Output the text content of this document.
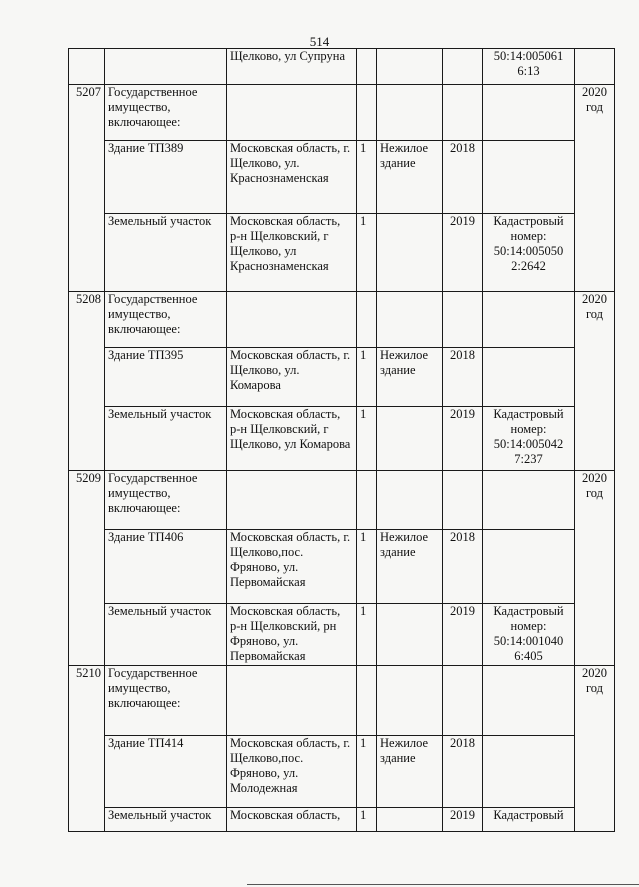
514
		Щелково, ул Супруна				50:14:005061 6:13	
5207	Государственное имущество, включающее:						2020 год
	Здание ТП389	Московская область, г. Щелково, ул. Краснознаменская	1	Нежилое здание	2018		
	Земельный участок	Московская область, р-н Щелковский, г Щелково, ул Краснознаменская	1		2019	Кадастровый номер: 50:14:005050 2:2642	
5208	Государственное имущество, включающее:						2020 год
	Здание ТП395	Московская область, г. Щелково, ул. Комарова	1	Нежилое здание	2018		
	Земельный участок	Московская область, р-н Щелковский, г Щелково, ул Комарова	1		2019	Кадастровый номер: 50:14:005042 7:237	
5209	Государственное имущество, включающее:						2020 год
	Здание ТП406	Московская область, г. Щелково,пос. Фряново, ул. Первомайская	1	Нежилое здание	2018		
	Земельный участок	Московская область, р-н Щелковский, рн Фряново, ул. Первомайская	1		2019	Кадастровый номер: 50:14:001040 6:405	
5210	Государственное имущество, включающее:						2020 год
	Здание ТП414	Московская область, г. Щелково,пос. Фряново, ул. Молодежная	1	Нежилое здание	2018		
	Земельный участок	Московская область,	1		2019	Кадастровый	
